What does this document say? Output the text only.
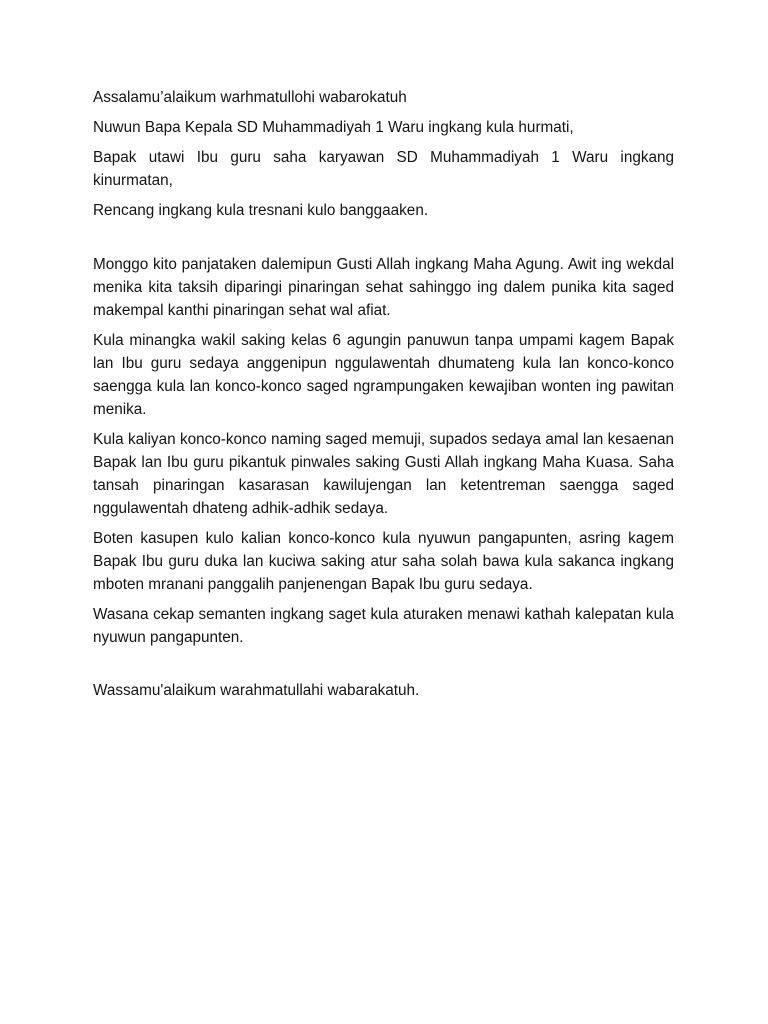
Assalamu’alaikum warhmatullohi wabarokatuh

Nuwun Bapa Kepala SD Muhammadiyah 1 Waru ingkang kula hurmati,

Bapak utawi Ibu guru saha karyawan SD Muhammadiyah 1 Waru ingkang kinurmatan,

Rencang ingkang kula tresnani kulo banggaaken.

Monggo kito panjataken dalemipun Gusti Allah ingkang Maha Agung. Awit ing wekdal menika kita taksih diparingi pinaringan sehat sahinggo ing dalem punika kita saged makempal kanthi pinaringan sehat wal afiat.

Kula minangka wakil saking kelas 6 agungin panuwun tanpa umpami kagem Bapak lan Ibu guru sedaya anggenipun nggulawentah dhumateng kula lan konco-konco saengga kula lan konco-konco saged ngrampungaken kewajiban wonten ing pawitan menika.

Kula kaliyan konco-konco naming saged memuji, supados sedaya amal lan kesaenan Bapak lan Ibu guru pikantuk pinwales saking Gusti Allah ingkang Maha Kuasa. Saha tansah pinaringan kasarasan kawilujengan lan ketentreman saengga saged nggulawentah dhateng adhik-adhik sedaya.

Boten kasupen kulo kalian konco-konco kula nyuwun pangapunten, asring kagem Bapak Ibu guru duka lan kuciwa saking atur saha solah bawa kula sakanca ingkang mboten mranani panggalih panjenengan Bapak Ibu guru sedaya.

Wasana cekap semanten ingkang saget kula aturaken menawi kathah kalepatan kula nyuwun pangapunten.

Wassamu'alaikum warahmatullahi wabarakatuh.
